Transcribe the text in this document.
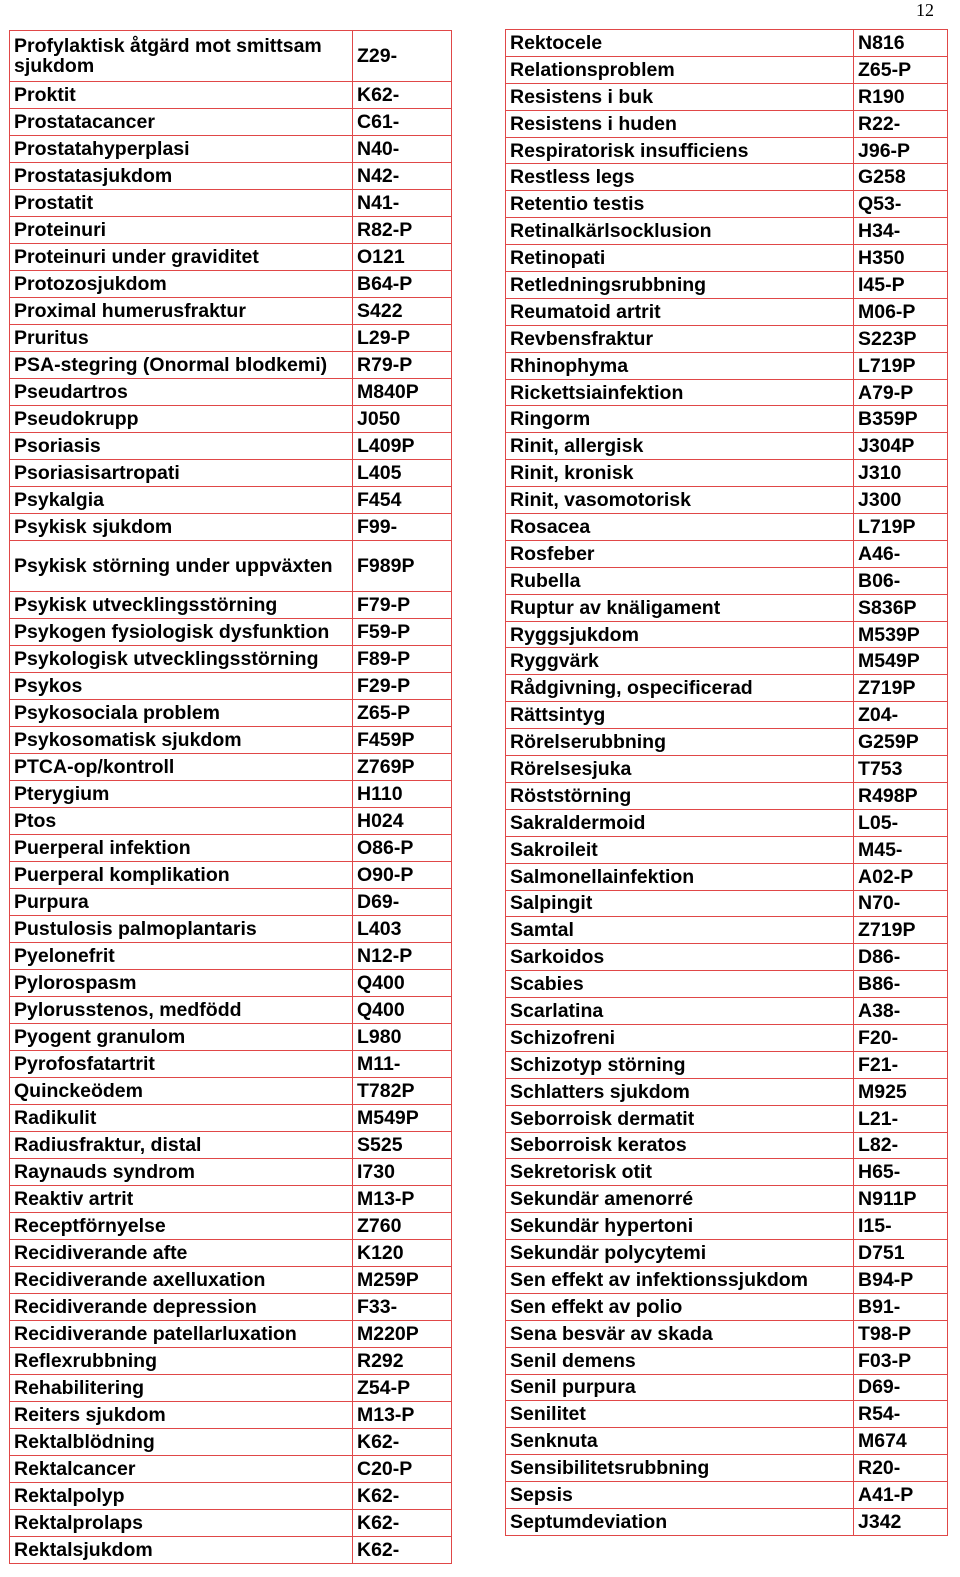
12
Profylaktisk åtgärd mot smittsam sjukdom	Z29-
Proktit	K62-
Prostatacancer	C61-
Prostatahyperplasi	N40-
Prostatasjukdom	N42-
Prostatit	N41-
Proteinuri	R82-P
Proteinuri under graviditet	O121
Protozosjukdom	B64-P
Proximal humerusfraktur	S422
Pruritus	L29-P
PSA-stegring (Onormal blodkemi)	R79-P
Pseudartros	M840P
Pseudokrupp	J050
Psoriasis	L409P
Psoriasisartropati	L405
Psykalgia	F454
Psykisk sjukdom	F99-
Psykisk störning under uppväxten	F989P
Psykisk utvecklingsstörning	F79-P
Psykogen fysiologisk dysfunktion	F59-P
Psykologisk utvecklingsstörning	F89-P
Psykos	F29-P
Psykosociala problem	Z65-P
Psykosomatisk sjukdom	F459P
PTCA-op/kontroll	Z769P
Pterygium	H110
Ptos	H024
Puerperal infektion	O86-P
Puerperal komplikation	O90-P
Purpura	D69-
Pustulosis palmoplantaris	L403
Pyelonefrit	N12-P
Pylorospasm	Q400
Pylorusstenos, medfödd	Q400
Pyogent granulom	L980
Pyrofosfatartrit	M11-
Quinckeödem	T782P
Radikulit	M549P
Radiusfraktur, distal	S525
Raynauds syndrom	I730
Reaktiv artrit	M13-P
Receptförnyelse	Z760
Recidiverande afte	K120
Recidiverande axelluxation	M259P
Recidiverande depression	F33-
Recidiverande patellarluxation	M220P
Reflexrubbning	R292
Rehabilitering	Z54-P
Reiters sjukdom	M13-P
Rektalblödning	K62-
Rektalcancer	C20-P
Rektalpolyp	K62-
Rektalprolaps	K62-
Rektalsjukdom	K62-
Rektocele	N816
Relationsproblem	Z65-P
Resistens i buk	R190
Resistens i huden	R22-
Respiratorisk insufficiens	J96-P
Restless legs	G258
Retentio testis	Q53-
Retinalkärlsocklusion	H34-
Retinopati	H350
Retledningsrubbning	I45-P
Reumatoid artrit	M06-P
Revbensfraktur	S223P
Rhinophyma	L719P
Rickettsiainfektion	A79-P
Ringorm	B359P
Rinit, allergisk	J304P
Rinit, kronisk	J310
Rinit, vasomotorisk	J300
Rosacea	L719P
Rosfeber	A46-
Rubella	B06-
Ruptur av knäligament	S836P
Ryggsjukdom	M539P
Ryggvärk	M549P
Rådgivning, ospecificerad	Z719P
Rättsintyg	Z04-
Rörelserubbning	G259P
Rörelsesjuka	T753
Röststörning	R498P
Sakraldermoid	L05-
Sakroileit	M45-
Salmonellainfektion	A02-P
Salpingit	N70-
Samtal	Z719P
Sarkoidos	D86-
Scabies	B86-
Scarlatina	A38-
Schizofreni	F20-
Schizotyp störning	F21-
Schlatters sjukdom	M925
Seborroisk dermatit	L21-
Seborroisk keratos	L82-
Sekretorisk otit	H65-
Sekundär amenorré	N911P
Sekundär hypertoni	I15-
Sekundär polycytemi	D751
Sen effekt av infektionssjukdom	B94-P
Sen effekt av polio	B91-
Sena besvär av skada	T98-P
Senil demens	F03-P
Senil purpura	D69-
Senilitet	R54-
Senknuta	M674
Sensibilitetsrubbning	R20-
Sepsis	A41-P
Septumdeviation	J342
